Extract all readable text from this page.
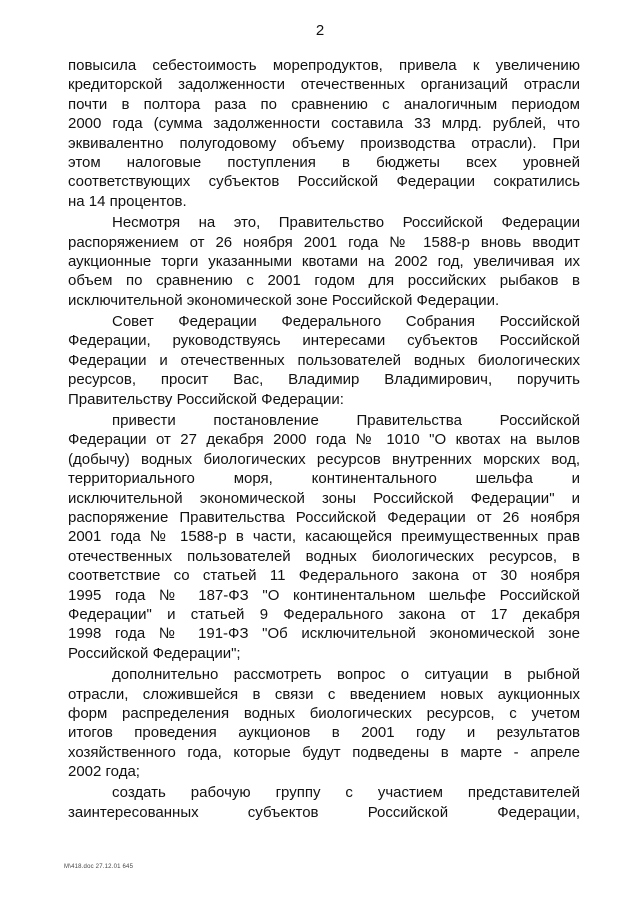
2
повысила себестоимость морепродуктов, привела к увеличению
кредиторской задолженности отечественных организаций отрасли
почти в полтора раза по сравнению с аналогичным периодом
2000 года (сумма задолженности составила 33 млрд. рублей, что
эквивалентно полугодовому объему производства отрасли). При
этом налоговые поступления в бюджеты всех уровней
соответствующих субъектов Российской Федерации сократились
на 14 процентов.
Несмотря на это, Правительство Российской Федерации
распоряжением от 26 ноября 2001 года № 1588-р вновь вводит
аукционные торги указанными квотами на 2002 год, увеличивая их
объем по сравнению с 2001 годом для российских рыбаков в
исключительной экономической зоне Российской Федерации.
Совет Федерации Федерального Собрания Российской
Федерации, руководствуясь интересами субъектов Российской
Федерации и отечественных пользователей водных биологических
ресурсов, просит Вас, Владимир Владимирович, поручить
Правительству Российской Федерации:
привести постановление Правительства Российской
Федерации от 27 декабря 2000 года № 1010 "О квотах на вылов
(добычу) водных биологических ресурсов внутренних морских вод,
территориального моря, континентального шельфа и
исключительной экономической зоны Российской Федерации" и
распоряжение Правительства Российской Федерации от 26 ноября
2001 года № 1588-р в части, касающейся преимущественных прав
отечественных пользователей водных биологических ресурсов, в
соответствие со статьей 11 Федерального закона от 30 ноября
1995 года № 187-ФЗ "О континентальном шельфе Российской
Федерации" и статьей 9 Федерального закона от 17 декабря
1998 года № 191-ФЗ "Об исключительной экономической зоне
Российской Федерации";
дополнительно рассмотреть вопрос о ситуации в рыбной
отрасли, сложившейся в связи с введением новых аукционных
форм распределения водных биологических ресурсов, с учетом
итогов проведения аукционов в 2001 году и результатов
хозяйственного года, которые будут подведены в марте - апреле
2002 года;
создать рабочую группу с участием представителей
заинтересованных субъектов Российской Федерации,
М\418.doc 27.12.01 645
